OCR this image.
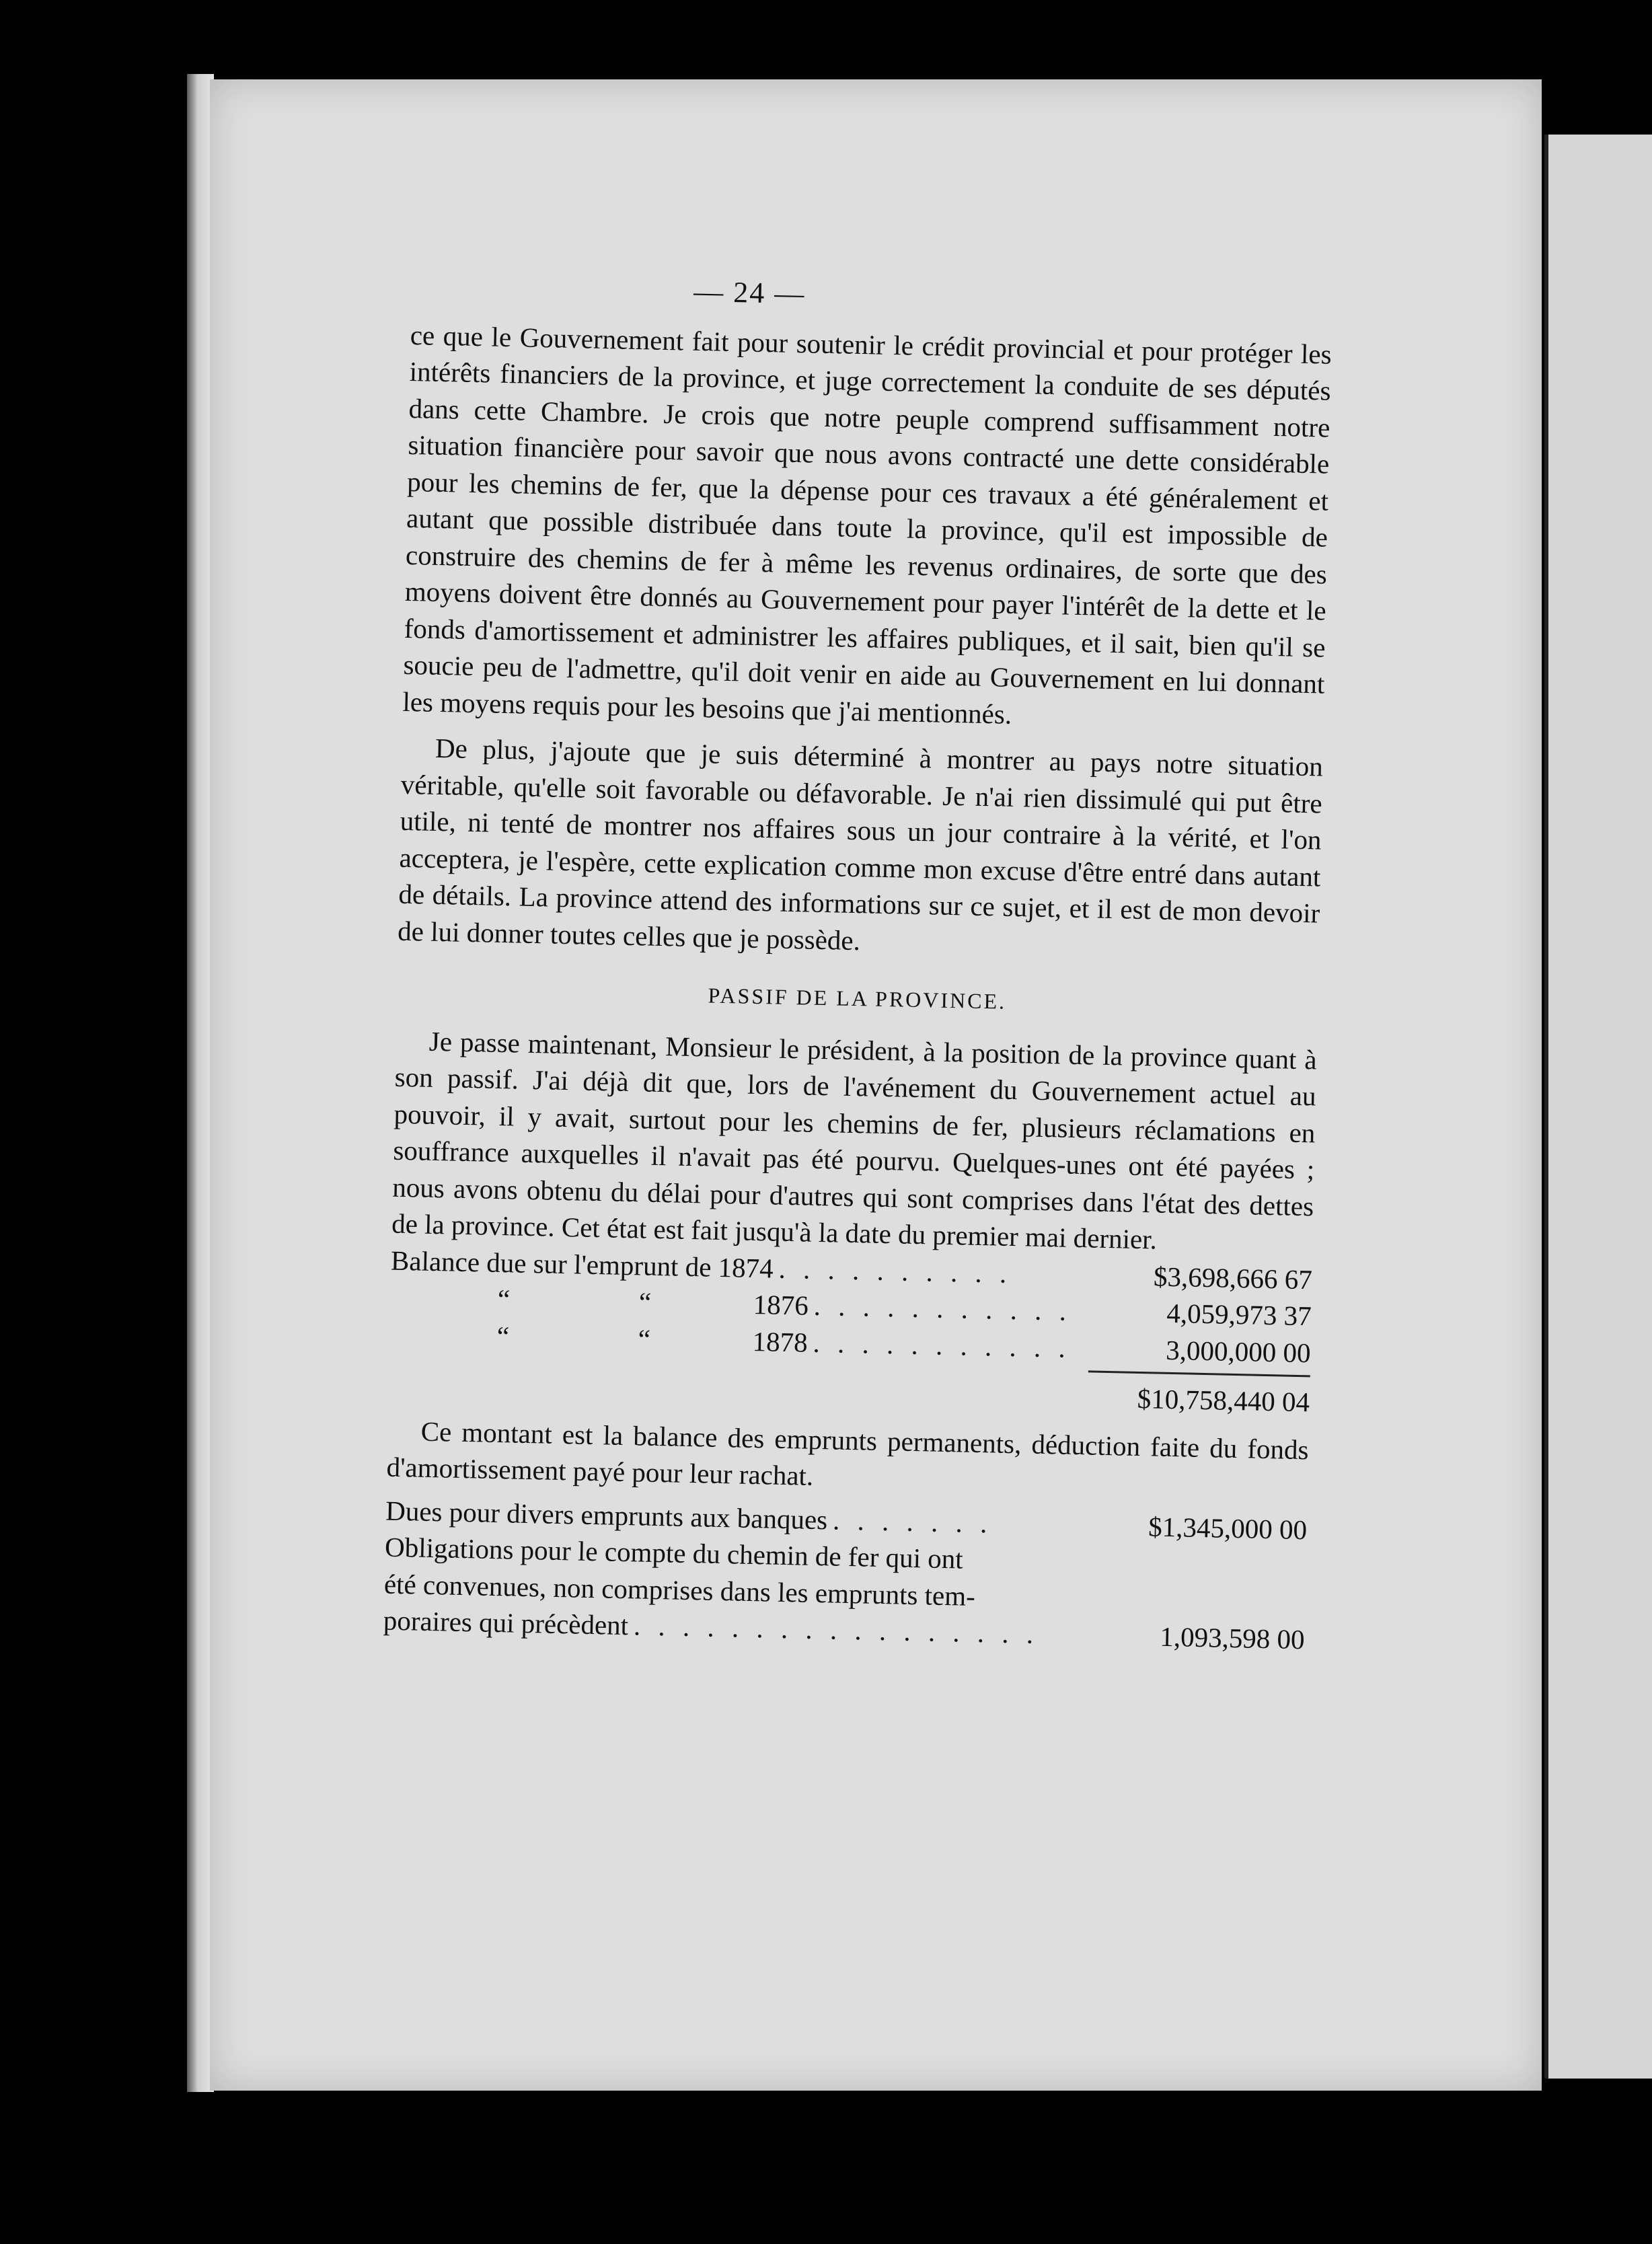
— 24 —

ce que le Gouvernement fait pour soutenir le crédit provincial et pour protéger les intérêts financiers de la province, et juge correctement la conduite de ses députés dans cette Chambre. Je crois que notre peuple comprend suffisamment notre situation financière pour savoir que nous avons contracté une dette considérable pour les chemins de fer, que la dépense pour ces travaux a été généralement et autant que possible distribuée dans toute la province, qu'il est impossible de construire des chemins de fer à même les revenus ordinaires, de sorte que des moyens doivent être donnés au Gouvernement pour payer l'intérêt de la dette et le fonds d'amortissement et administrer les affaires publiques, et il sait, bien qu'il se soucie peu de l'admettre, qu'il doit venir en aide au Gouvernement en lui donnant les moyens requis pour les besoins que j'ai mentionnés.

De plus, j'ajoute que je suis déterminé à montrer au pays notre situation véritable, qu'elle soit favorable ou défavorable. Je n'ai rien dissimulé qui put être utile, ni tenté de montrer nos affaires sous un jour contraire à la vérité, et l'on acceptera, je l'espère, cette explication comme mon excuse d'être entré dans autant de détails. La province attend des informations sur ce sujet, et il est de mon devoir de lui donner toutes celles que je possède.

PASSIF DE LA PROVINCE.

Je passe maintenant, Monsieur le président, à la position de la province quant à son passif. J'ai déjà dit que, lors de l'avénement du Gouvernement actuel au pouvoir, il y avait, surtout pour les chemins de fer, plusieurs réclamations en souffrance auxquelles il n'avait pas été pourvu. Quelques-unes ont été payées ; nous avons obtenu du délai pour d'autres qui sont comprises dans l'état des dettes de la province. Cet état est fait jusqu'à la date du premier mai dernier.

Balance due sur l'emprunt de 1874 . . . . . . . . . .	$3,698,666 67
“	“	1876 . . . . . . . . . . .	4,059,973 37
“	“	1878 . . . . . . . . . . .	3,000,000 00
$10,758,440 04

Ce montant est la balance des emprunts permanents, déduction faite du fonds d'amortissement payé pour leur rachat.

Dues pour divers emprunts aux banques . . . . . . .	$1,345,000 00
Obligations pour le compte du chemin de fer qui ont
été convenues, non comprises dans les emprunts tem-
poraires qui précèdent . . . . . . . . . . . . . . . . .	1,093,598 00
